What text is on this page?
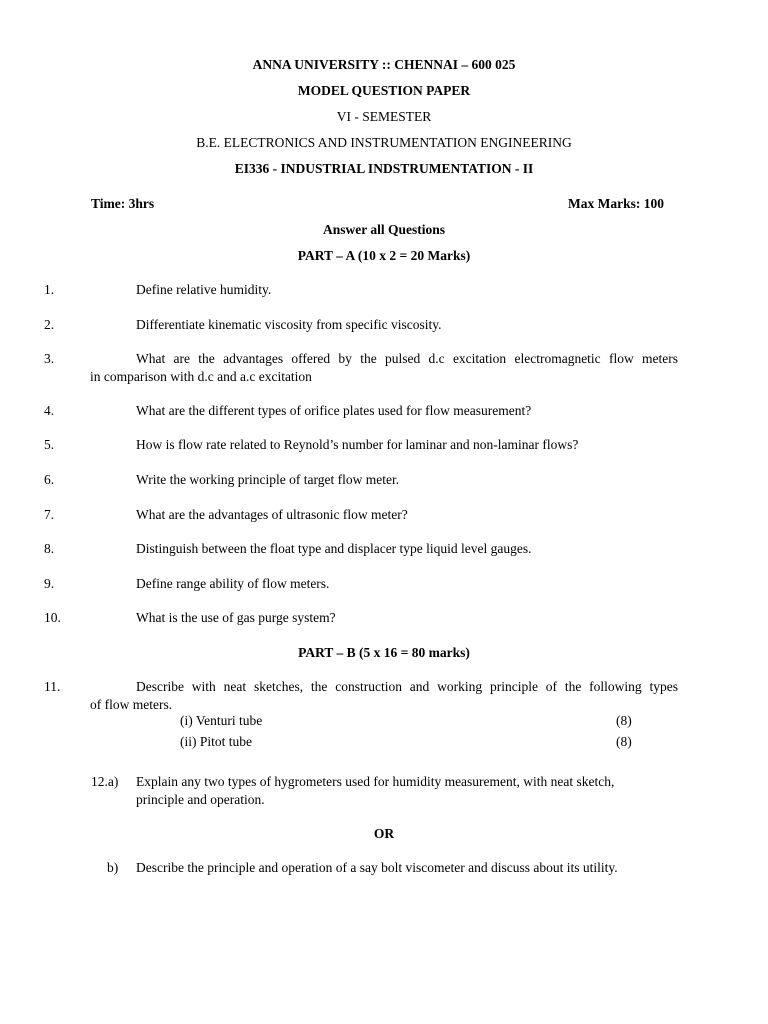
ANNA UNIVERSITY :: CHENNAI – 600 025
MODEL QUESTION PAPER
VI - SEMESTER
B.E. ELECTRONICS AND INSTRUMENTATION ENGINEERING
EI336 - INDUSTRIAL INDSTRUMENTATION - II
Time: 3hrs	Max Marks: 100
Answer all Questions
PART – A (10 x 2 = 20 Marks)
1.	Define relative humidity.
2.	Differentiate kinematic viscosity from specific viscosity.
3.	What are the advantages offered by the pulsed d.c excitation electromagnetic flow meters
in comparison with d.c and a.c excitation
4.	What are the different types of orifice plates used for flow measurement?
5.	How is flow rate related to Reynold’s number for laminar and non-laminar flows?
6.	Write the working principle of target flow meter.
7.	What are the advantages of ultrasonic flow meter?
8.	Distinguish between the float type and displacer type liquid level gauges.
9.	Define range ability of flow meters.
10.	What is the use of gas purge system?
PART – B (5 x 16 = 80 marks)
11.	Describe with neat sketches, the construction and working principle of the following types
of flow meters.
(i) Venturi tube	(8)
(ii) Pitot tube	(8)
12.a) Explain any two types of hygrometers used for humidity measurement, with neat sketch,
principle and operation.
OR
b) Describe the principle and operation of a say bolt viscometer and discuss about its utility.
